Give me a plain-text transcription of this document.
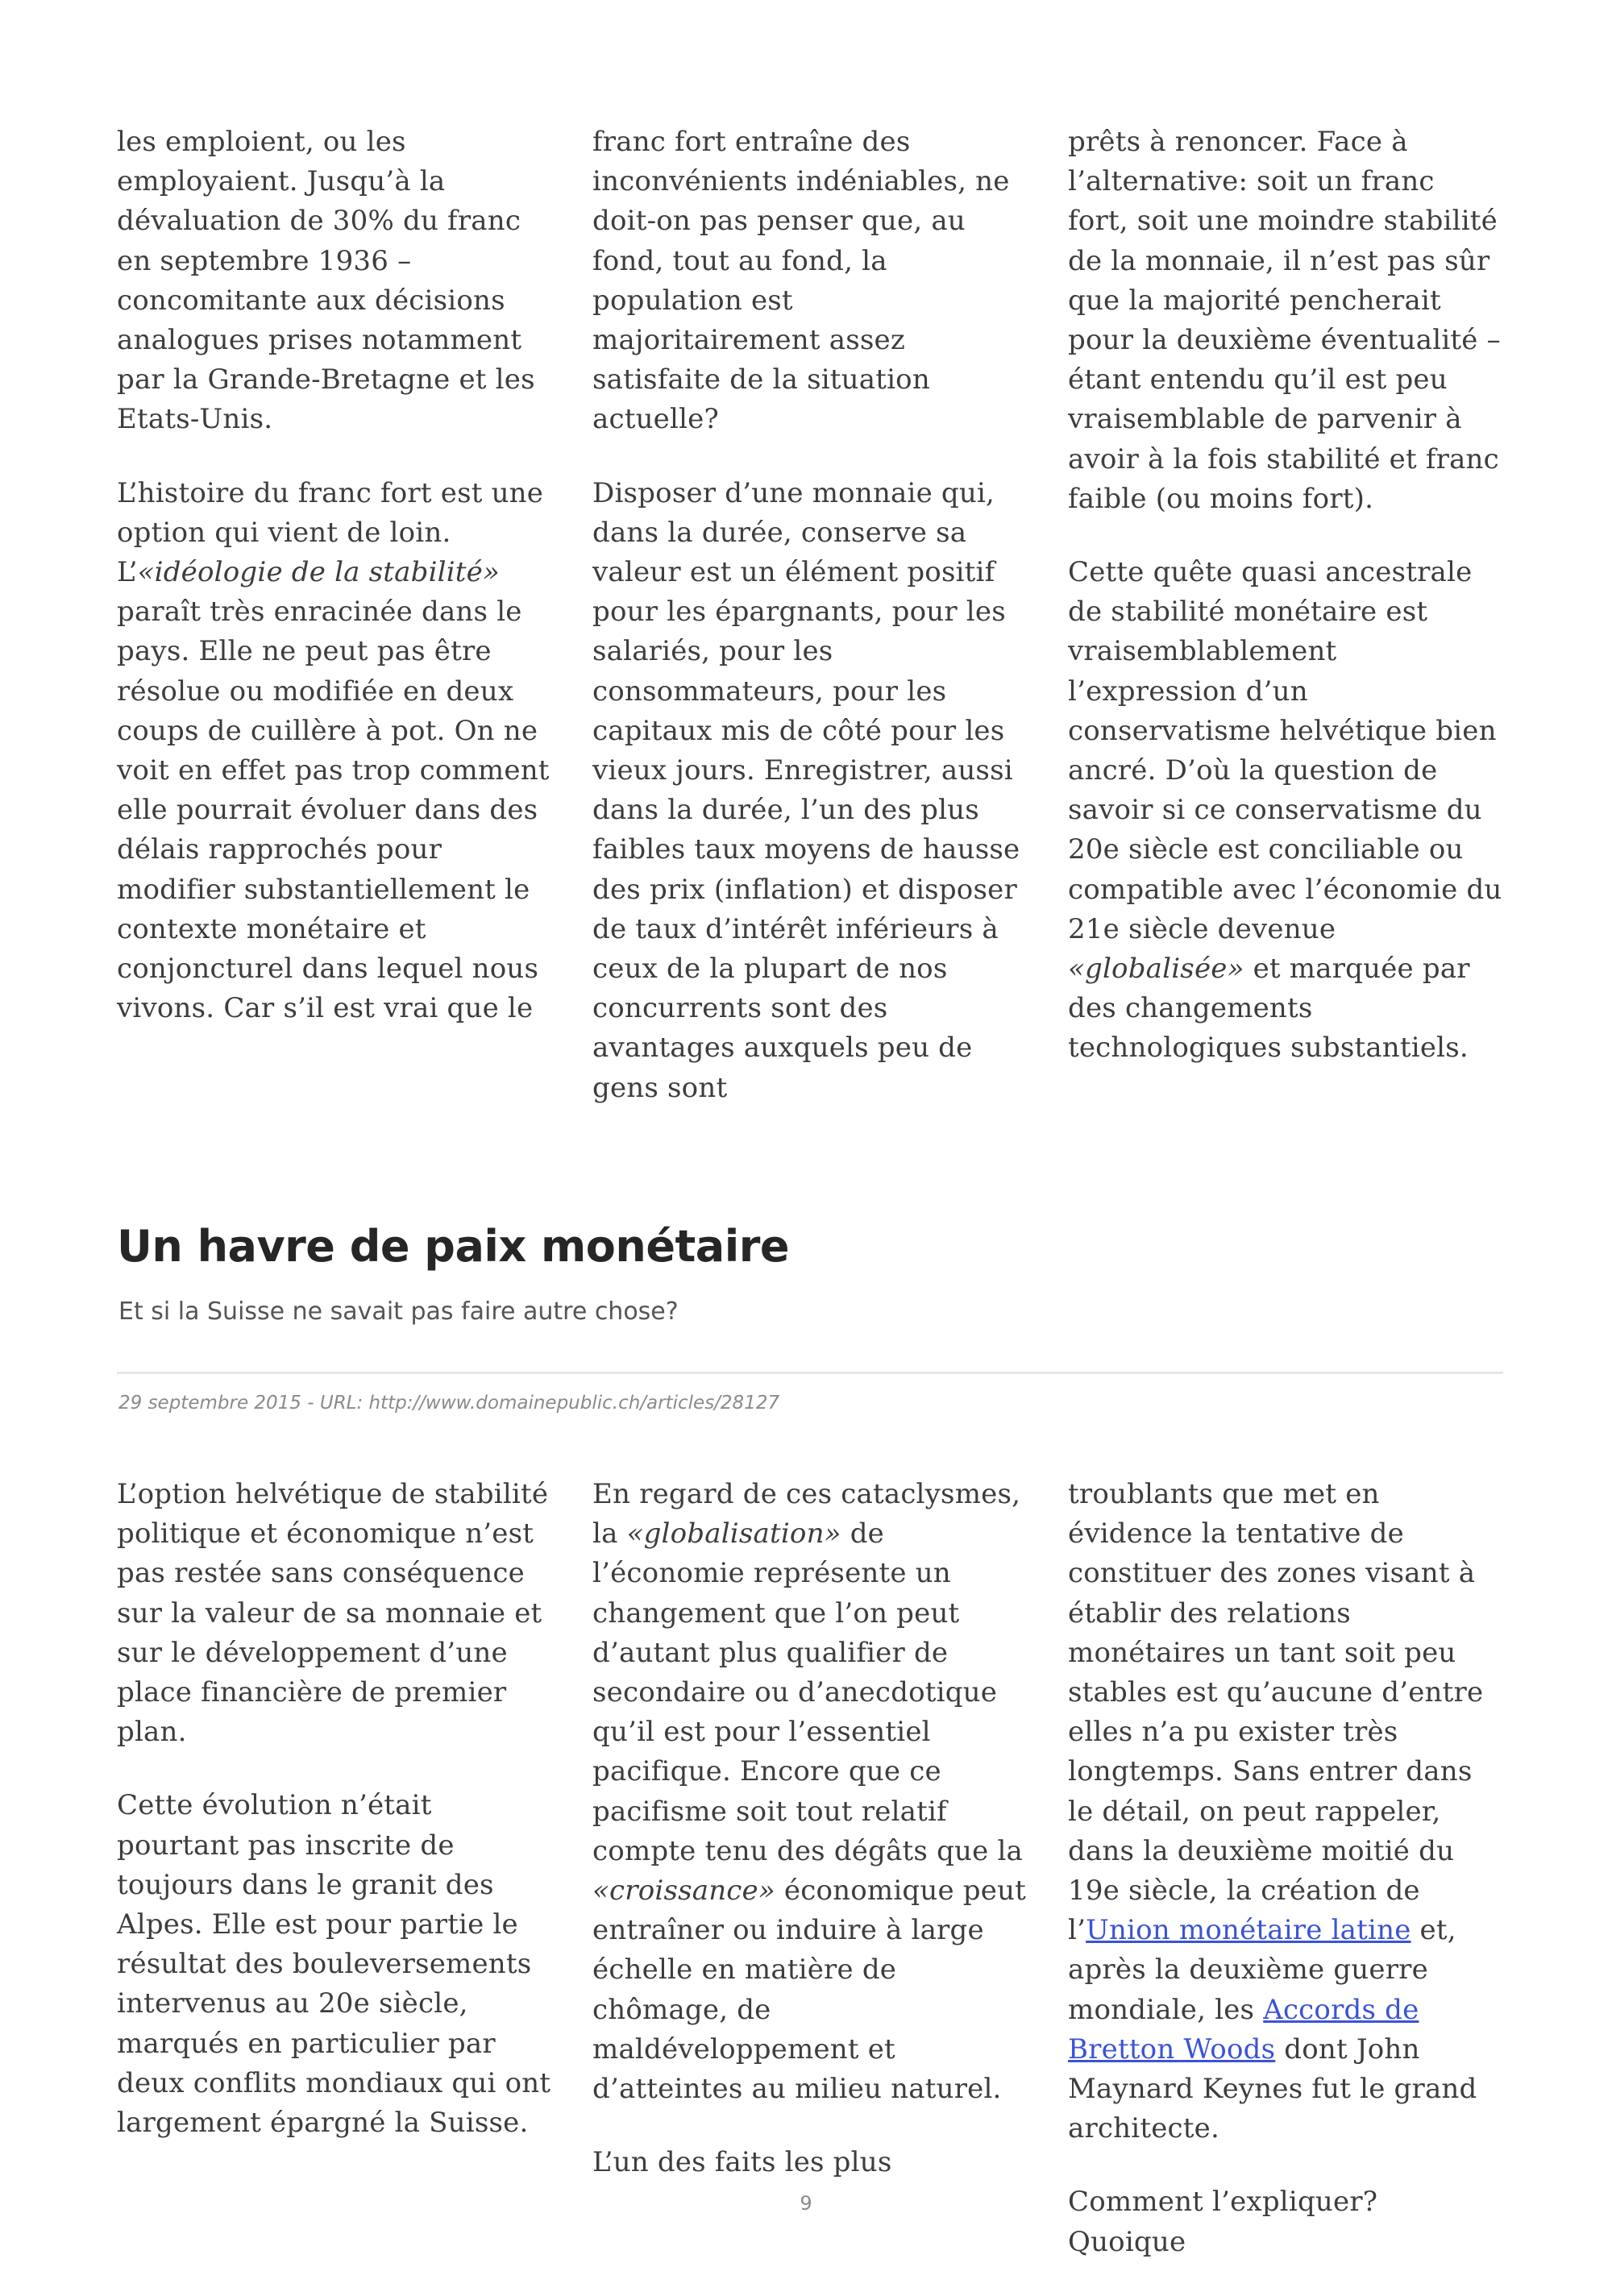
les emploient, ou les employaient. Jusqu’à la dévaluation de 30% du franc en septembre 1936 – concomitante aux décisions analogues prises notamment par la Grande-Bretagne et les Etats-Unis.

L’histoire du franc fort est une option qui vient de loin. L’«idéologie de la stabilité» paraît très enracinée dans le pays. Elle ne peut pas être résolue ou modifiée en deux coups de cuillère à pot. On ne voit en effet pas trop comment elle pourrait évoluer dans des délais rapprochés pour modifier substantiellement le contexte monétaire et conjoncturel dans lequel nous vivons. Car s’il est vrai que le

franc fort entraîne des inconvénients indéniables, ne doit-on pas penser que, au fond, tout au fond, la population est majoritairement assez satisfaite de la situation actuelle?

Disposer d’une monnaie qui, dans la durée, conserve sa valeur est un élément positif pour les épargnants, pour les salariés, pour les consommateurs, pour les capitaux mis de côté pour les vieux jours. Enregistrer, aussi dans la durée, l’un des plus faibles taux moyens de hausse des prix (inflation) et disposer de taux d’intérêt inférieurs à ceux de la plupart de nos concurrents sont des avantages auxquels peu de gens sont

prêts à renoncer. Face à l’alternative: soit un franc fort, soit une moindre stabilité de la monnaie, il n’est pas sûr que la majorité pencherait pour la deuxième éventualité – étant entendu qu’il est peu vraisemblable de parvenir à avoir à la fois stabilité et franc faible (ou moins fort).

Cette quête quasi ancestrale de stabilité monétaire est vraisemblablement l’expression d’un conservatisme helvétique bien ancré. D’où la question de savoir si ce conservatisme du 20e siècle est conciliable ou compatible avec l’économie du 21e siècle devenue «globalisée» et marquée par des changements technologiques substantiels.

Un havre de paix monétaire

Et si la Suisse ne savait pas faire autre chose?

29 septembre 2015 - URL: http://www.domainepublic.ch/articles/28127

L’option helvétique de stabilité politique et économique n’est pas restée sans conséquence sur la valeur de sa monnaie et sur le développement d’une place financière de premier plan.

Cette évolution n’était pourtant pas inscrite de toujours dans le granit des Alpes. Elle est pour partie le résultat des bouleversements intervenus au 20e siècle, marqués en particulier par deux conflits mondiaux qui ont largement épargné la Suisse.

En regard de ces cataclysmes, la «globalisation» de l’économie représente un changement que l’on peut d’autant plus qualifier de secondaire ou d’anecdotique qu’il est pour l’essentiel pacifique. Encore que ce pacifisme soit tout relatif compte tenu des dégâts que la «croissance» économique peut entraîner ou induire à large échelle en matière de chômage, de maldéveloppement et d’atteintes au milieu naturel.

L’un des faits les plus

troublants que met en évidence la tentative de constituer des zones visant à établir des relations monétaires un tant soit peu stables est qu’aucune d’entre elles n’a pu exister très longtemps. Sans entrer dans le détail, on peut rappeler, dans la deuxième moitié du 19e siècle, la création de l’Union monétaire latine et, après la deuxième guerre mondiale, les Accords de Bretton Woods dont John Maynard Keynes fut le grand architecte.

Comment l’expliquer? Quoique

9
